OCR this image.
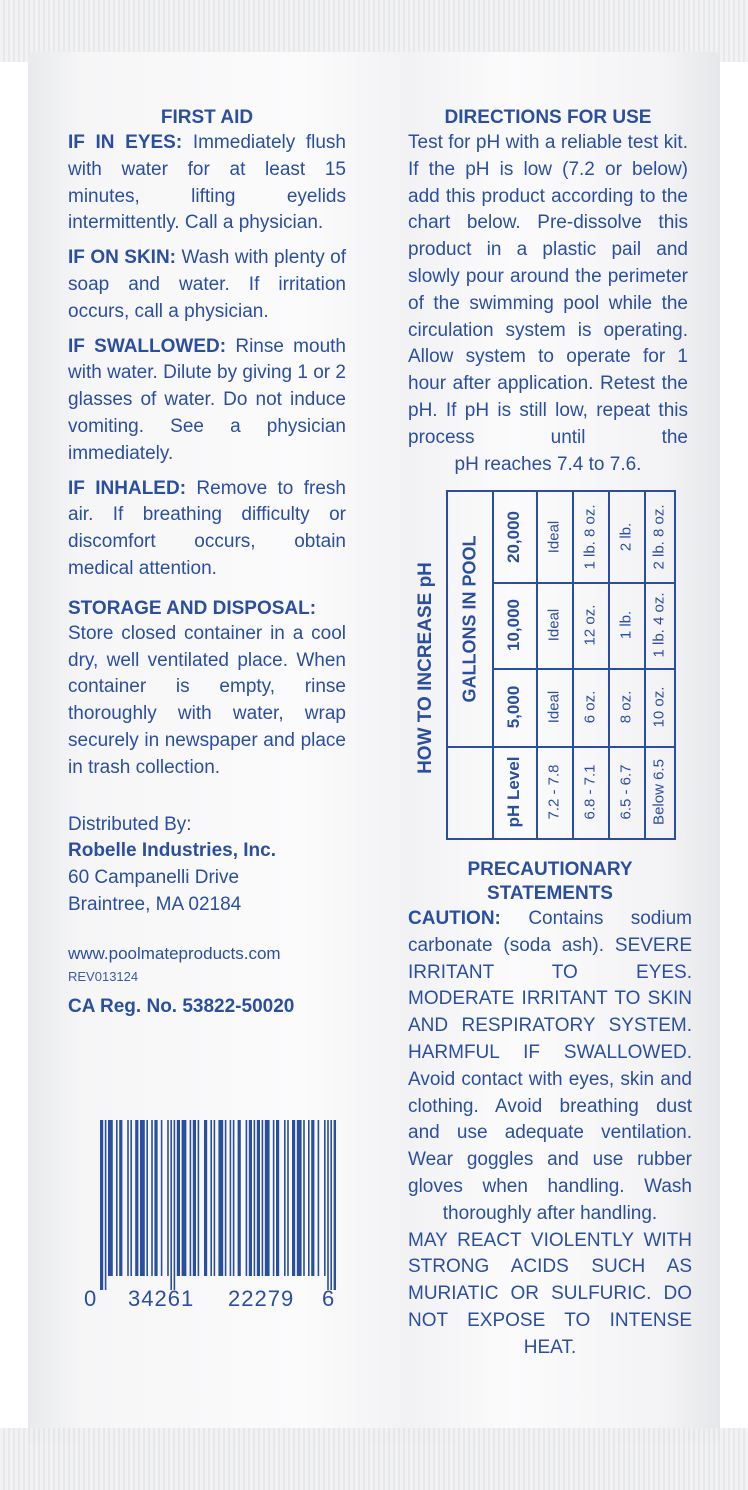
FIRST AID

IF IN EYES: Immediately flush with water for at least 15 minutes, lifting eyelids intermittently. Call a physician.

IF ON SKIN: Wash with plenty of soap and water. If irritation occurs, call a physician.

IF SWALLOWED: Rinse mouth with water. Dilute by giving 1 or 2 glasses of water. Do not induce vomiting. See a physician immediately.

IF INHALED: Remove to fresh air. If breathing difficulty or discomfort occurs, obtain medical attention.

STORAGE AND DISPOSAL:

Store closed container in a cool dry, well ventilated place. When container is empty, rinse thoroughly with water, wrap securely in newspaper and place in trash collection.

Distributed By:

Robelle Industries, Inc.

60 Campanelli Drive

Braintree, MA 02184

www.poolmateproducts.com

REV013124

CA Reg. No. 53822-50020

0 34261 22279 6
DIRECTIONS FOR USE

Test for pH with a reliable test kit. If the pH is low (7.2 or below) add this product according to the chart below. Pre-dissolve this product in a plastic pail and slowly pour around the perimeter of the swimming pool while the circulation system is operating. Allow system to operate for 1 hour after application. Retest the pH. If pH is still low, repeat this process until the

pH reaches 7.4 to 7.6.

HOW TO INCREASE pH GALLONS IN POOL
pH Level
5,000
10,000
20,000
7.2 - 7.8
Ideal
Ideal
Ideal
6.8 - 7.1
6 oz.
12 oz.
1 lb. 8 oz.
6.5 - 6.7
8 oz.
1 lb.
2 lb.
Below 6.5
10 oz.
1 lb. 4 oz.
2 lb. 8 oz.
PRECAUTIONARY
STATEMENTS

CAUTION: Contains sodium carbonate (soda ash). SEVERE IRRITANT TO EYES. MODERATE IRRITANT TO SKIN AND RESPIRATORY SYSTEM. HARMFUL IF SWALLOWED. Avoid contact with eyes, skin and clothing. Avoid breathing dust and use adequate ventilation. Wear goggles and use rubber gloves when handling. Wash

thoroughly after handling.

MAY REACT VIOLENTLY WITH STRONG ACIDS SUCH AS MURIATIC OR SULFURIC. DO NOT EXPOSE TO INTENSE

HEAT.
